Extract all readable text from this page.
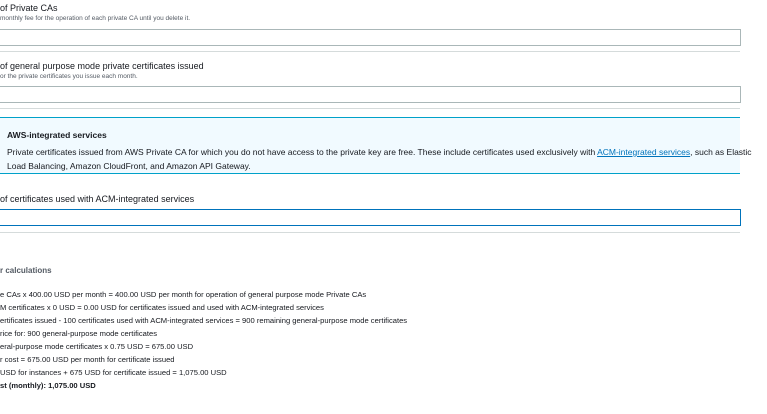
of Private CAs
monthly fee for the operation of each private CA until you delete it.
of general purpose mode private certificates issued
or the private certificates you issue each month.
AWS-integrated services
Private certificates issued from AWS Private CA for which you do not have access to the private key are free. These include certificates used exclusively with ACM-integrated services, such as Elastic Load Balancing, Amazon CloudFront, and Amazon API Gateway.
of certificates used with ACM-integrated services
r calculations
e CAs x 400.00 USD per month = 400.00 USD per month for operation of general purpose mode Private CAs
M certificates x 0 USD = 0.00 USD for certificates issued and used with ACM-integrated services
ertificates issued - 100 certificates used with ACM-integrated services = 900 remaining general-purpose mode certificates
rice for: 900 general-purpose mode certificates
eral-purpose mode certificates x 0.75 USD = 675.00 USD
r cost = 675.00 USD per month for certificate issued
USD for instances + 675 USD for certificate issued = 1,075.00 USD
st (monthly): 1,075.00 USD
